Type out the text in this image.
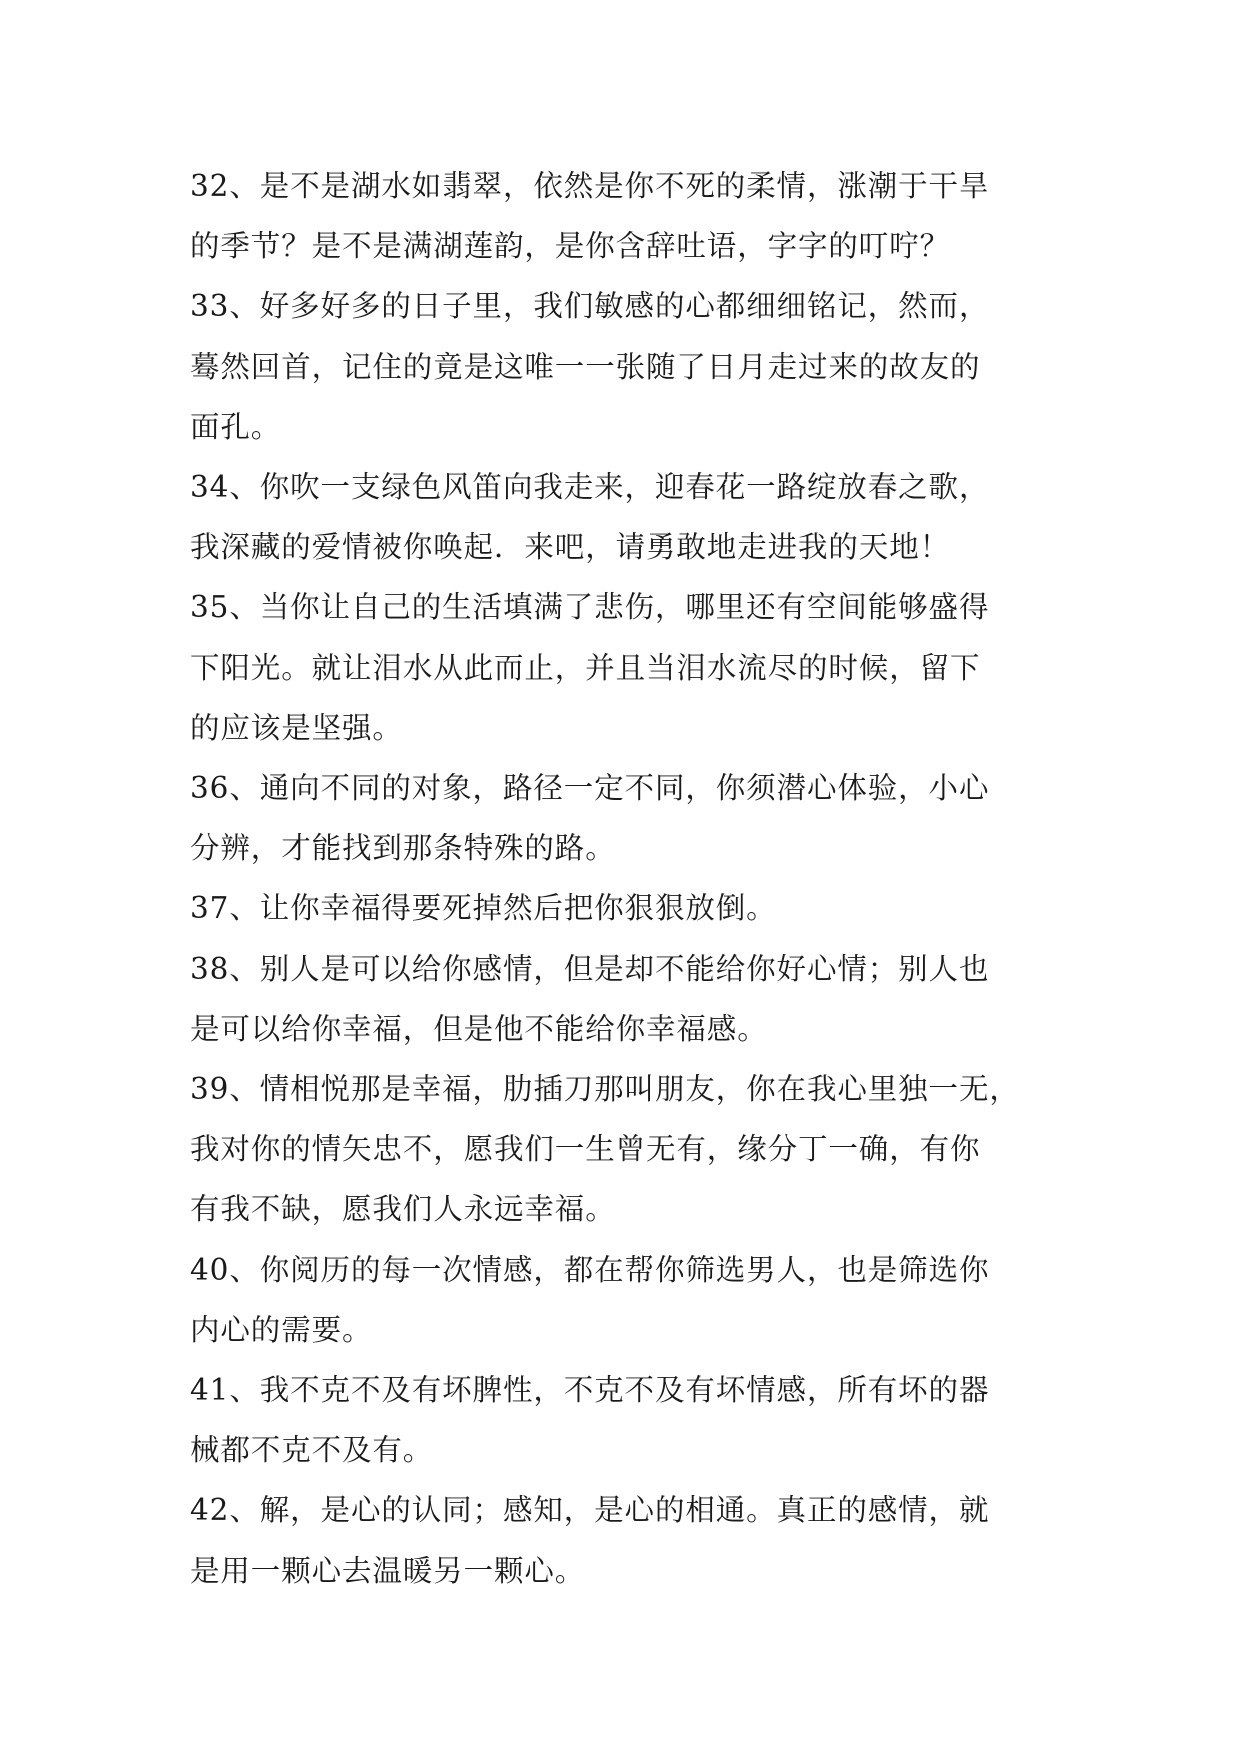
32、是不是湖水如翡翠，依然是你不死的柔情，涨潮于干旱
的季节？是不是满湖莲韵，是你含辞吐语，字字的叮咛？

33、好多好多的日子里，我们敏感的心都细细铭记，然而，
蓦然回首，记住的竟是这唯一一张随了日月走过来的故友的
面孔。

34、你吹一支绿色风笛向我走来，迎春花一路绽放春之歌，
我深藏的爱情被你唤起．来吧，请勇敢地走进我的天地！

35、当你让自己的生活填满了悲伤，哪里还有空间能够盛得
下阳光。就让泪水从此而止，并且当泪水流尽的时候，留下
的应该是坚强。

36、通向不同的对象，路径一定不同，你须潜心体验，小心
分辨，才能找到那条特殊的路。

37、让你幸福得要死掉然后把你狠狠放倒。

38、别人是可以给你感情，但是却不能给你好心情；别人也
是可以给你幸福，但是他不能给你幸福感。

39、情相悦那是幸福，肋插刀那叫朋友，你在我心里独一无，
我对你的情矢忠不，愿我们一生曾无有，缘分丁一确，有你
有我不缺，愿我们人永远幸福。

40、你阅历的每一次情感，都在帮你筛选男人，也是筛选你
内心的需要。

41、我不克不及有坏脾性，不克不及有坏情感，所有坏的器
械都不克不及有。

42、解，是心的认同；感知，是心的相通。真正的感情，就
是用一颗心去温暖另一颗心。
